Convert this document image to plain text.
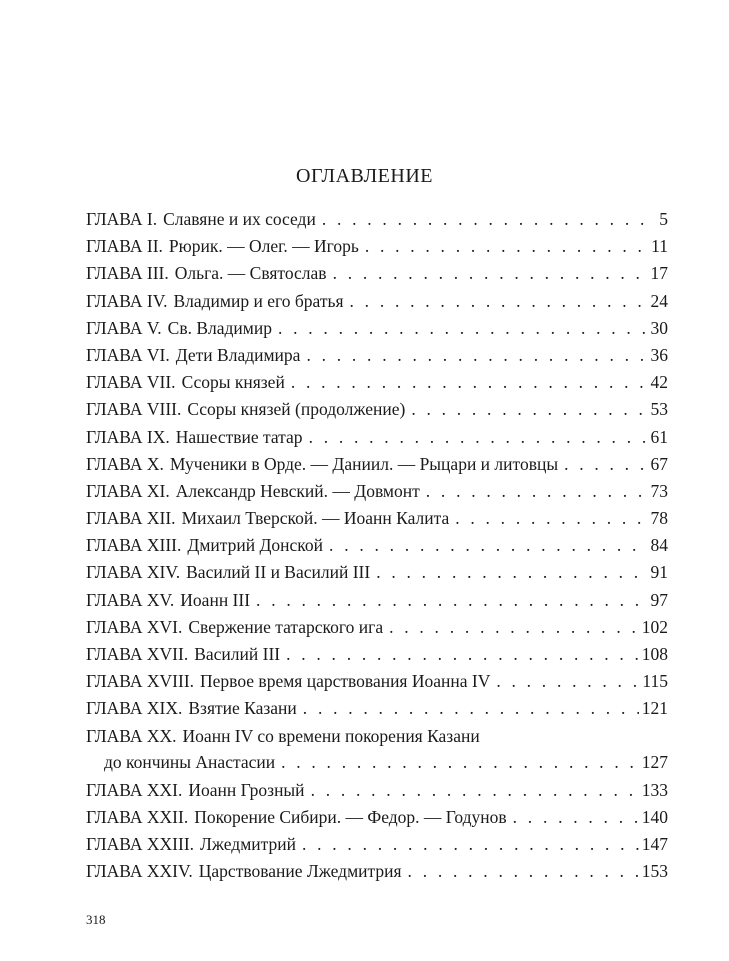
ОГЛАВЛЕНИЕ
ГЛАВА I. Славяне и их соседи . . .	5
ГЛАВА II. Рюрик. — Олег. — Игорь . . .	11
ГЛАВА III. Ольга. — Святослав . . .	17
ГЛАВА IV. Владимир и его братья . . .	24
ГЛАВА V. Св. Владимир . . .	30
ГЛАВА VI. Дети Владимира . . .	36
ГЛАВА VII. Ссоры князей . . .	42
ГЛАВА VIII. Ссоры князей (продолжение) . . .	53
ГЛАВА IX. Нашествие татар . . .	61
ГЛАВА X. Мученики в Орде. — Даниил. — Рыцари и литовцы . . .	67
ГЛАВА XI. Александр Невский. — Довмонт . . .	73
ГЛАВА XII. Михаил Тверской. — Иоанн Калита . . .	78
ГЛАВА XIII. Дмитрий Донской . . .	84
ГЛАВА XIV. Василий II и Василий III . . .	91
ГЛАВА XV. Иоанн III . . .	97
ГЛАВА XVI. Свержение татарского ига . . .	102
ГЛАВА XVII. Василий III . . .	108
ГЛАВА XVIII. Первое время царствования Иоанна IV . . .	115
ГЛАВА XIX. Взятие Казани . . .	121
ГЛАВА XX. Иоанн IV со времени покорения Казани
до кончины Анастасии . . .	127
ГЛАВА XXI. Иоанн Грозный . . .	133
ГЛАВА XXII. Покорение Сибири. — Федор. — Годунов . . .	140
ГЛАВА XXIII. Лжедмитрий . . .	147
ГЛАВА XXIV. Царствование Лжедмитрия . . .	153
318
